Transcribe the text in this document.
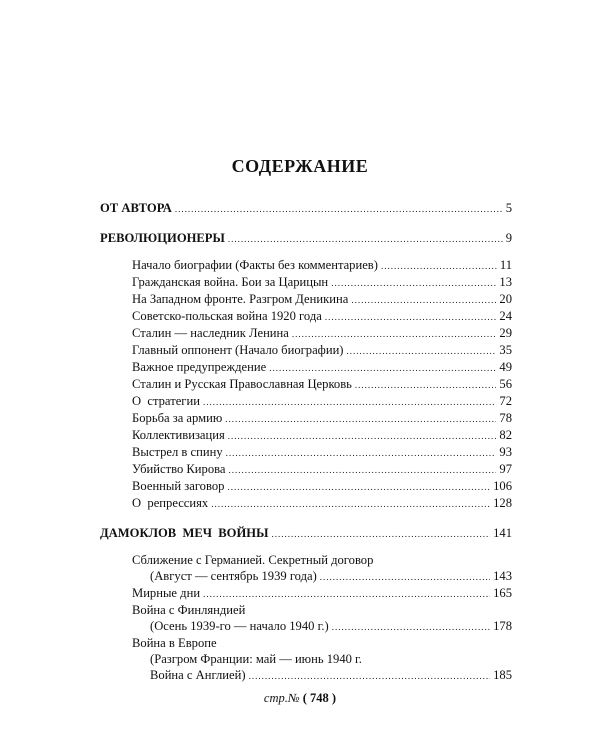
СОДЕРЖАНИЕ
ОТ АВТОРА .....	5
РЕВОЛЮЦИОНЕРЫ .....	9
Начало биографии (Факты без комментариев) .....	11
Гражданская война. Бои за Царицын .....	13
На Западном фронте. Разгром Деникина .....	20
Советско-польская война 1920 года .....	24
Сталин — наследник Ленина .....	29
Главный оппонент (Начало биографии) .....	35
Важное предупреждение .....	49
Сталин и Русская Православная Церковь .....	56
О  стратегии .....	72
Борьба за армию .....	78
Коллективизация .....	82
Выстрел в спину .....	93
Убийство Кирова .....	97
Военный заговор .....	106
О  репрессиях .....	128
ДАМОКЛОВ  МЕЧ  ВОЙНЫ .....	141
Сближение с Германией. Секретный договор
(Август — сентябрь 1939 года) .....	143
Мирные дни .....	165
Война с Финляндией
(Осень 1939-го — начало 1940 г.) .....	178
Война в Европе
(Разгром Франции: май — июнь 1940 г.
Война с Англией) .....	185
стр.№ ( 748 )
